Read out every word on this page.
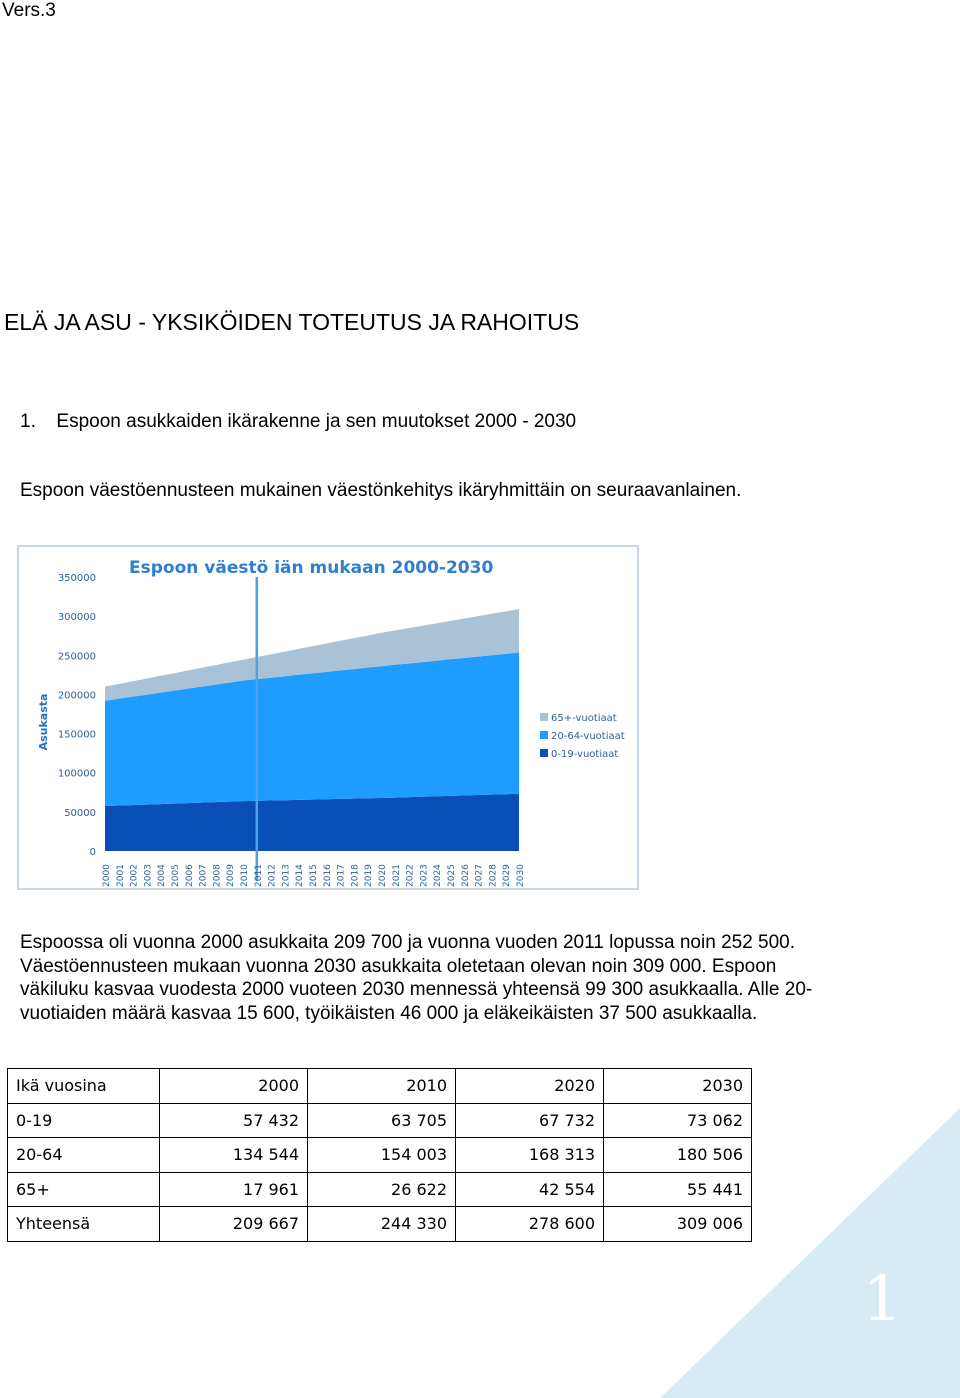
Vers.3
ELÄ JA ASU - YKSIKÖIDEN TOTEUTUS JA RAHOITUS
1. Espoon asukkaiden ikärakenne ja sen muutokset 2000 - 2030
Espoon väestöennusteen mukainen väestönkehitys ikäryhmittäin on seuraavanlainen.
Espoon väestö iän mukaan 2000-2030
0
50000
100000
150000
200000
250000
300000
350000
Asukasta
2000 2001 2002 2003 2004 2005 2006 2007 2008 2009 2010 2011 2012 2013 2014 2015 2016 2017 2018 2019 2020 2021 2022 2023 2024 2025 2026 2027 2028 2029 2030
65+-vuotiaat
20-64-vuotiaat
0-19-vuotiaat
Espoossa oli vuonna 2000 asukkaita 209 700 ja vuonna vuoden 2011 lopussa noin 252 500.
Väestöennusteen mukaan vuonna 2030 asukkaita oletetaan olevan noin 309 000. Espoon
väkiluku kasvaa vuodesta 2000 vuoteen 2030 mennessä yhteensä 99 300 asukkaalla. Alle 20-
vuotiaiden määrä kasvaa 15 600, työikäisten 46 000 ja eläkeikäisten 37 500 asukkaalla.
Ikä vuosina	2000	2010	2020	2030
0-19	57 432	63 705	67 732	73 062
20-64	134 544	154 003	168 313	180 506
65+	17 961	26 622	42 554	55 441
Yhteensä	209 667	244 330	278 600	309 006
1
